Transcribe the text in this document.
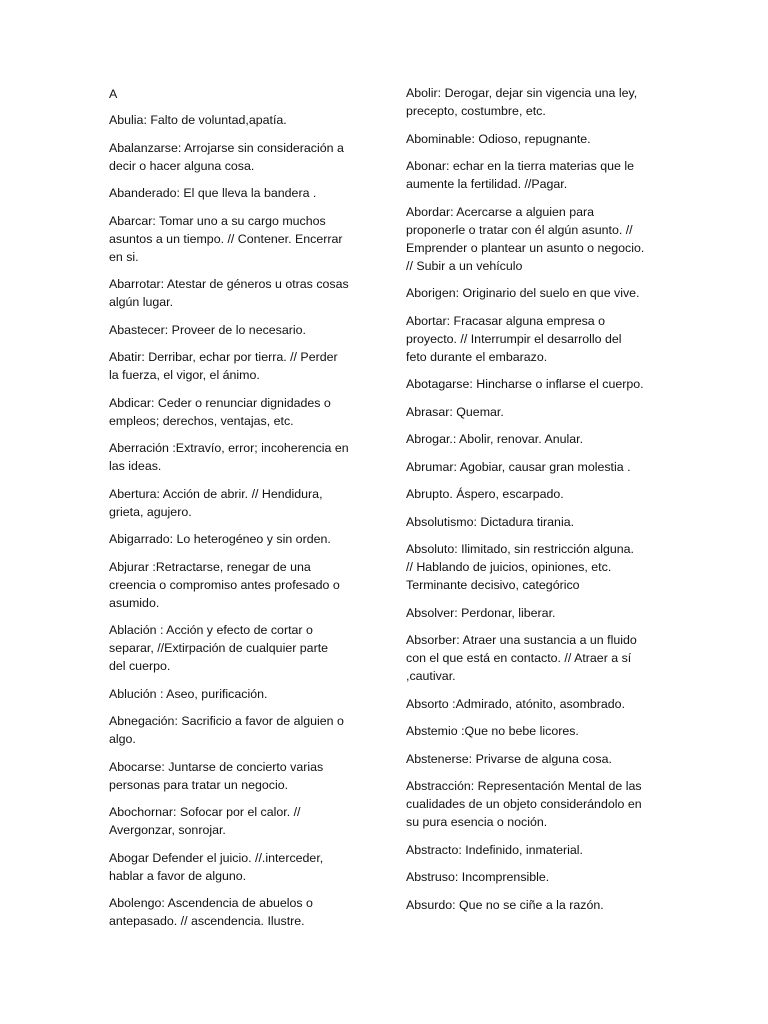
A

Abulia: Falto de voluntad,apatía.

Abalanzarse: Arrojarse sin consideración a
decir o hacer alguna cosa.

Abanderado: El que lleva la bandera .

Abarcar: Tomar uno a su cargo muchos
asuntos a un tiempo. // Contener. Encerrar
en si.

Abarrotar: Atestar de géneros u otras cosas
algún lugar.

Abastecer: Proveer de lo necesario.

Abatir: Derribar, echar por tierra. // Perder
la fuerza, el vigor, el ánimo.

Abdicar: Ceder o renunciar dignidades o
empleos; derechos, ventajas, etc.

Aberración :Extravío, error; incoherencia en
las ideas.

Abertura: Acción de abrir. // Hendidura,
grieta, agujero.

Abigarrado: Lo heterogéneo y sin orden.

Abjurar :Retractarse, renegar de una
creencia o compromiso antes profesado o
asumido.

Ablación : Acción y efecto de cortar o
separar, //Extirpación de cualquier parte
del cuerpo.

Ablución : Aseo, purificación.

Abnegación: Sacrificio a favor de alguien o
algo.

Abocarse: Juntarse de concierto varias
personas para tratar un negocio.

Abochornar: Sofocar por el calor. //
Avergonzar, sonrojar.

Abogar Defender el juicio. //.interceder,
hablar a favor de alguno.

Abolengo: Ascendencia de abuelos o
antepasado. // ascendencia. Ilustre.

Abolir: Derogar, dejar sin vigencia una ley,
precepto, costumbre, etc.

Abominable: Odioso, repugnante.

Abonar: echar en la tierra materias que le
aumente la fertilidad. //Pagar.

Abordar: Acercarse a alguien para
proponerle o tratar con él algún asunto. //
Emprender o plantear un asunto o negocio.
// Subir a un vehículo

Aborigen: Originario del suelo en que vive.

Abortar: Fracasar alguna empresa o
proyecto. // Interrumpir el desarrollo del
feto durante el embarazo.

Abotagarse: Hincharse o inflarse el cuerpo.

Abrasar: Quemar.

Abrogar.: Abolir, renovar. Anular.

Abrumar: Agobiar, causar gran molestia .

Abrupto. Áspero, escarpado.

Absolutismo: Dictadura tirania.

Absoluto: Ilimitado, sin restricción alguna.
// Hablando de juicios, opiniones, etc.
Terminante decisivo, categórico

Absolver: Perdonar, liberar.

Absorber: Atraer una sustancia a un fluido
con el que está en contacto. // Atraer a sí
,cautivar.

Absorto :Admirado, atónito, asombrado.

Abstemio :Que no bebe licores.

Abstenerse: Privarse de alguna cosa.

Abstracción: Representación Mental de las
cualidades de un objeto considerándolo en
su pura esencia o noción.

Abstracto: Indefinido, inmaterial.

Abstruso: Incomprensible.

Absurdo: Que no se ciñe a la razón.
